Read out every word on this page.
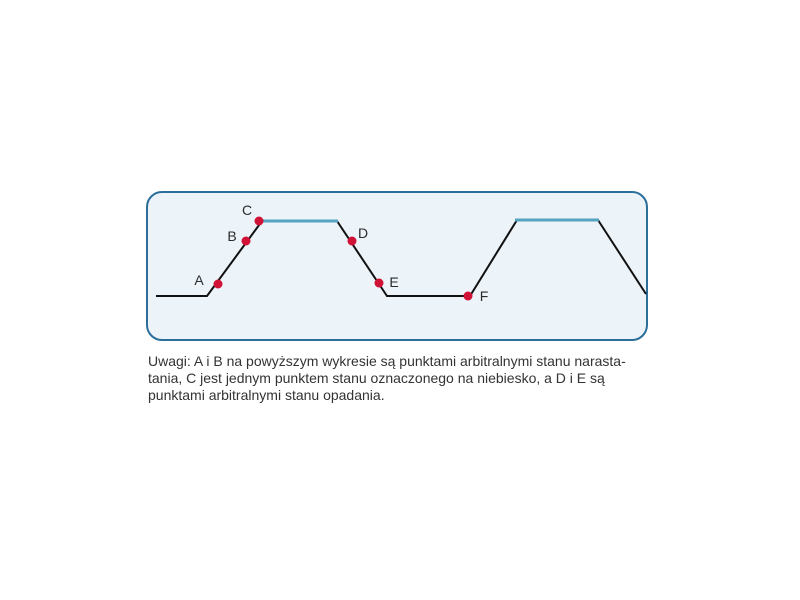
A
B
C
D
E
F
Uwagi: A i B na powyższym wykresie są punktami arbitralnymi stanu narasta-
tania, C jest jednym punktem stanu oznaczonego na niebiesko, a D i E są
punktami arbitralnymi stanu opadania.
